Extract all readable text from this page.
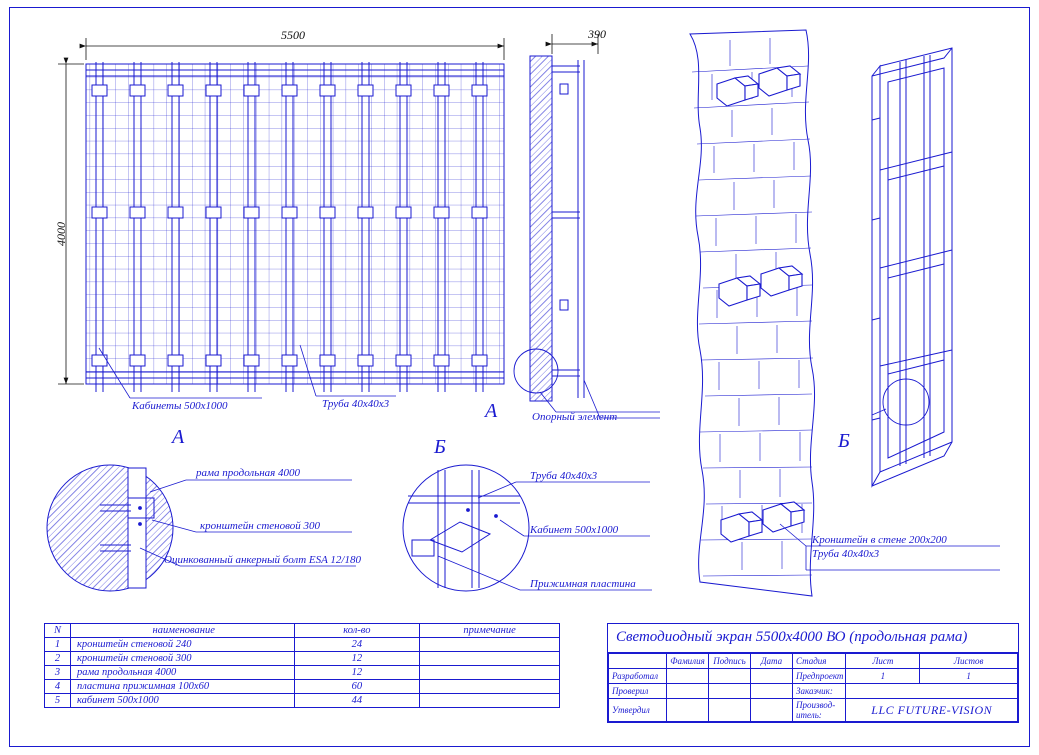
5500
4000
390
Кабинеты 500х1000	Труба 40х40х3
Опорный элемент
А
А	Б	Б
рама продольная 4000
кронштейн стеновой 300
Оцинкованный анкерный болт ESA 12/180
Труба 40х40х3
Кабинет 500х1000
Прижимная пластина
Кронштейн в стене 200х200
Труба 40х40х3
N	наименование	кол-во	примечание
1	кронштейн стеновой 240	24	
2	кронштейн стеновой 300	12	
3	рама продольная 4000	12	
4	пластина прижимная 100х60	60	
5	кабинет 500х1000	44	
Светодиодный экран 5500х4000 ВО (продольная рама)
	Фамилия	Подпись	Дата	Стадия	Лист	Листов
Разработал				Предпроект	1	1
Проверил				Заказчик:		
Утвердил				Производ- итель:	LLC FUTURE-VISION	
